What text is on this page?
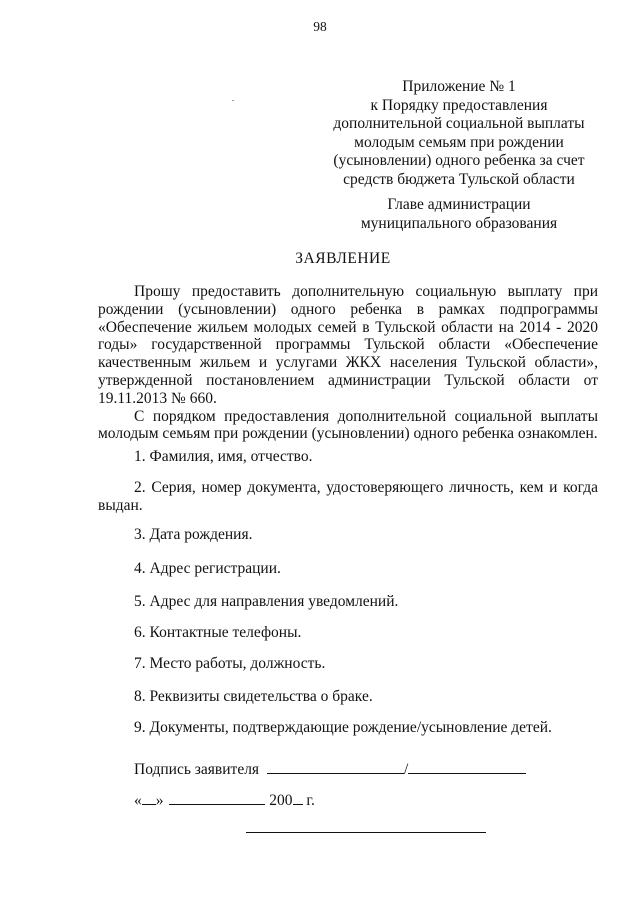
98
Приложение № 1
к Порядку предоставления
дополнительной социальной выплаты
молодым семьям при рождении
(усыновлении) одного ребенка за счет
средств бюджета Тульской области
Главе администрации
муниципального образования
ЗАЯВЛЕНИЕ
Прошу предоставить дополнительную социальную выплату при
рождении (усыновлении) одного ребенка в рамках подпрограммы
«Обеспечение жильем молодых семей в Тульской области на 2014 - 2020
годы» государственной программы Тульской области «Обеспечение
качественным жильем и услугами ЖКХ населения Тульской области»,
утвержденной постановлением администрации Тульской области от
19.11.2013 № 660.
С порядком предоставления дополнительной социальной выплаты
молодым семьям при рождении (усыновлении) одного ребенка ознакомлен.
1. Фамилия, имя, отчество.
2. Серия, номер документа, удостоверяющего личность, кем и когда
выдан.
3. Дата рождения.
4. Адрес регистрации.
5. Адрес для направления уведомлений.
6. Контактные телефоны.
7. Место работы, должность.
8. Реквизиты свидетельства о браке.
9. Документы, подтверждающие рождение/усыновление детей.
Подпись заявителя	/
« »	200 г.
